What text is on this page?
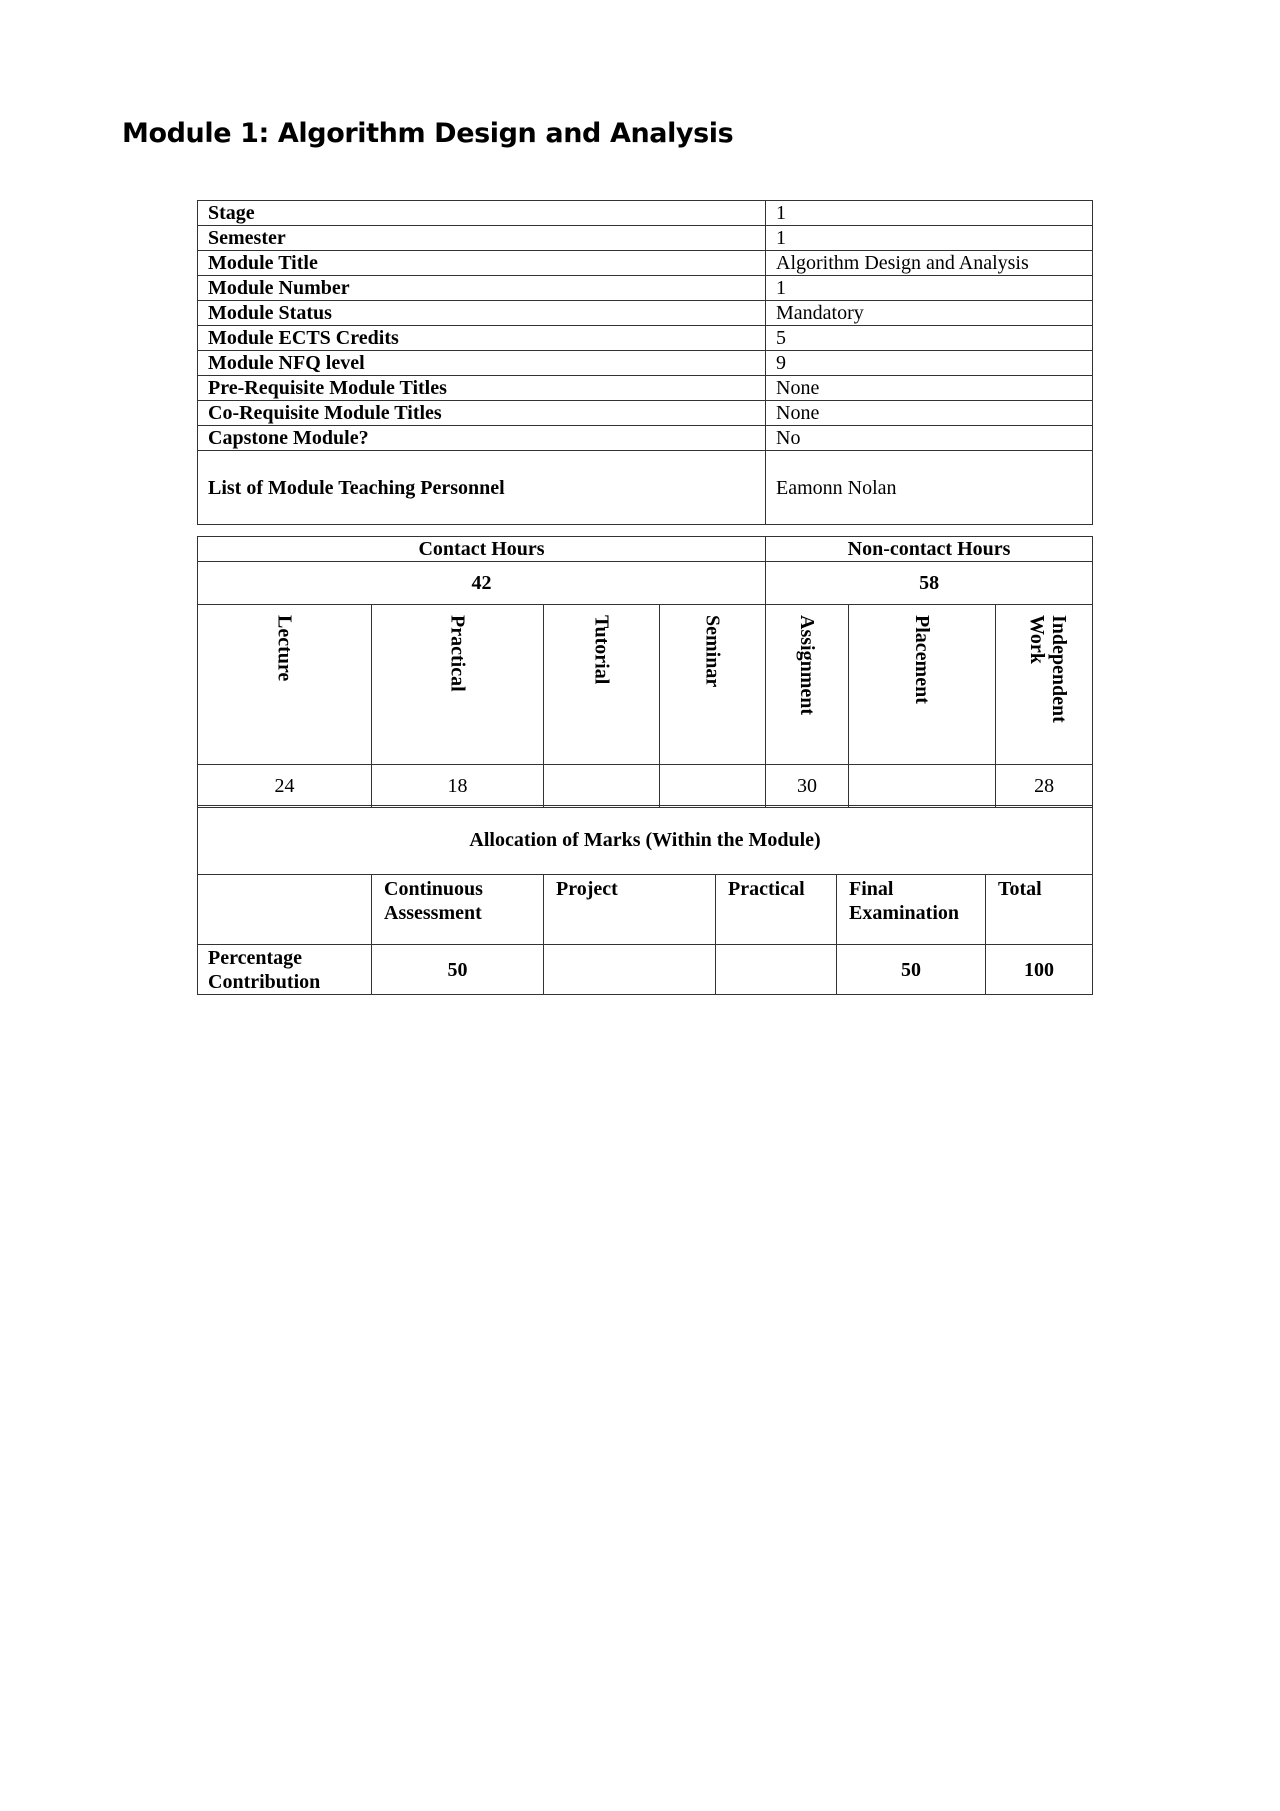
Module 1: Algorithm Design and Analysis
Stage	1
Semester	1
Module Title	Algorithm Design and Analysis
Module Number	1
Module Status	Mandatory
Module ECTS Credits	5
Module NFQ level	9
Pre-Requisite Module Titles	None
Co-Requisite Module Titles	None
Capstone Module?	No
List of Module Teaching Personnel	Eamonn Nolan
Contact Hours				Non-contact Hours		
42				58		
Lecture	Practical	Tutorial	Seminar	Assignment	Placement	Independent Work
24	18			30		28
Allocation of Marks (Within the Module)					
	Continuous Assessment	Project	Practical	Final Examination	Total
Percentage Contribution	50			50	100
